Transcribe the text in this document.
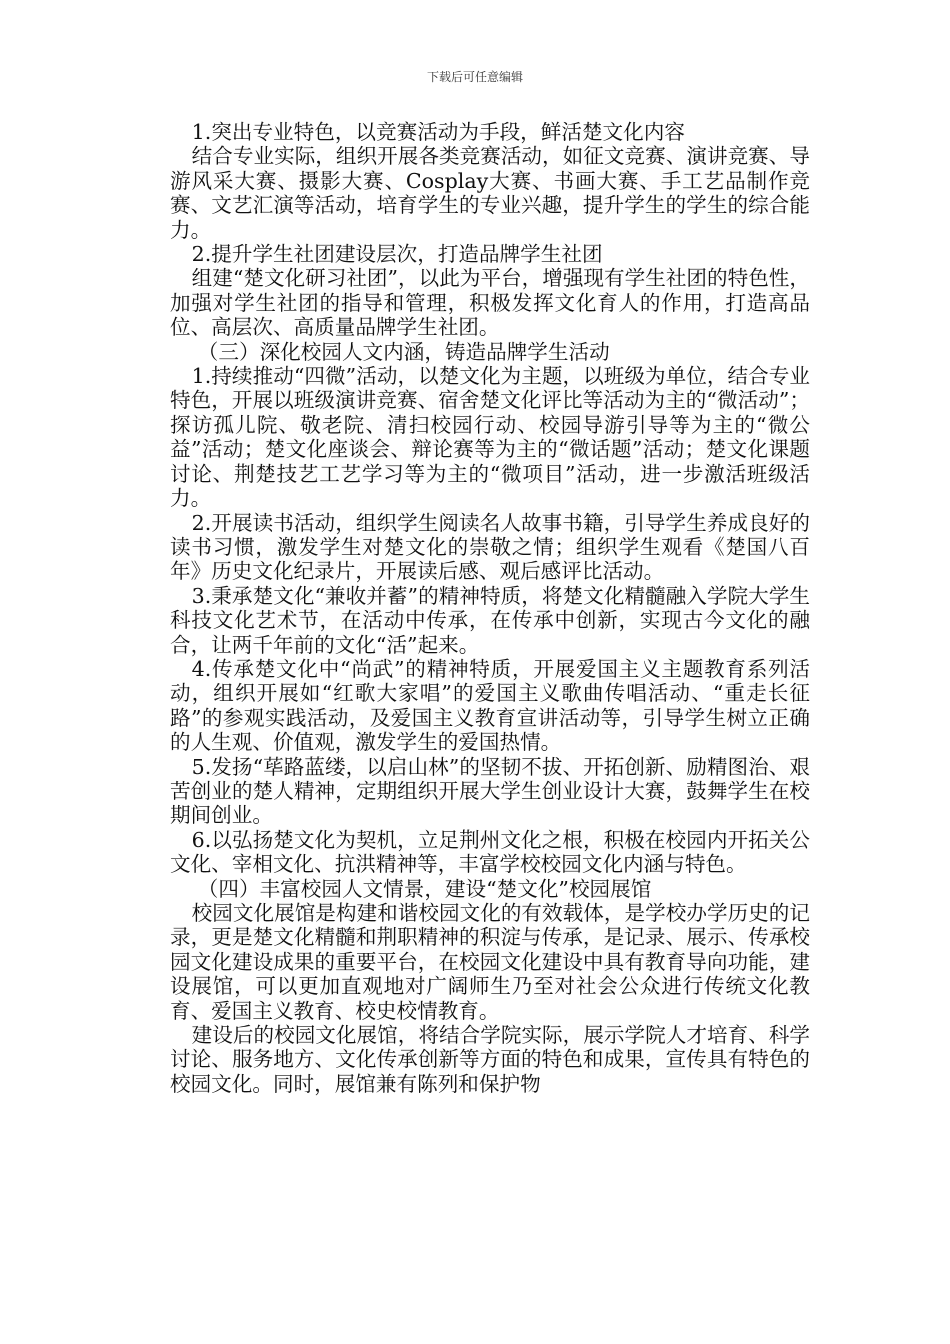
下载后可任意编辑

1.突出专业特色，以竞赛活动为手段，鲜活楚文化内容

结合专业实际，组织开展各类竞赛活动，如征文竞赛、演讲竞赛、导游风采大赛、摄影大赛、Cosplay大赛、书画大赛、手工艺品制作竞赛、文艺汇演等活动，培育学生的专业兴趣，提升学生的学生的综合能力。

2.提升学生社团建设层次，打造品牌学生社团

组建“楚文化研习社团”，以此为平台，增强现有学生社团的特色性，加强对学生社团的指导和管理，积极发挥文化育人的作用，打造高品位、高层次、高质量品牌学生社团。

（三）深化校园人文内涵，铸造品牌学生活动

1.持续推动“四微”活动，以楚文化为主题，以班级为单位，结合专业特色，开展以班级演讲竞赛、宿舍楚文化评比等活动为主的“微活动”；探访孤儿院、敬老院、清扫校园行动、校园导游引导等为主的“微公益”活动；楚文化座谈会、辩论赛等为主的“微话题”活动；楚文化课题讨论、荆楚技艺工艺学习等为主的“微项目”活动，进一步激活班级活力。

2.开展读书活动，组织学生阅读名人故事书籍，引导学生养成良好的读书习惯，激发学生对楚文化的崇敬之情；组织学生观看《楚国八百年》历史文化纪录片，开展读后感、观后感评比活动。

3.秉承楚文化“兼收并蓄”的精神特质，将楚文化精髓融入学院大学生科技文化艺术节，在活动中传承，在传承中创新，实现古今文化的融合，让两千年前的文化“活”起来。

4.传承楚文化中“尚武”的精神特质，开展爱国主义主题教育系列活动，组织开展如“红歌大家唱”的爱国主义歌曲传唱活动、“重走长征路”的参观实践活动，及爱国主义教育宣讲活动等，引导学生树立正确的人生观、价值观，激发学生的爱国热情。

5.发扬“荜路蓝缕，以启山林”的坚韧不拔、开拓创新、励精图治、艰苦创业的楚人精神，定期组织开展大学生创业设计大赛，鼓舞学生在校期间创业。

6.以弘扬楚文化为契机，立足荆州文化之根，积极在校园内开拓关公文化、宰相文化、抗洪精神等，丰富学校校园文化内涵与特色。

（四）丰富校园人文情景，建设“楚文化”校园展馆

校园文化展馆是构建和谐校园文化的有效载体，是学校办学历史的记录，更是楚文化精髓和荆职精神的积淀与传承，是记录、展示、传承校园文化建设成果的重要平台，在校园文化建设中具有教育导向功能，建设展馆，可以更加直观地对广阔师生乃至对社会公众进行传统文化教育、爱国主义教育、校史校情教育。

建设后的校园文化展馆，将结合学院实际，展示学院人才培育、科学讨论、服务地方、文化传承创新等方面的特色和成果，宣传具有特色的校园文化。同时，展馆兼有陈列和保护物
